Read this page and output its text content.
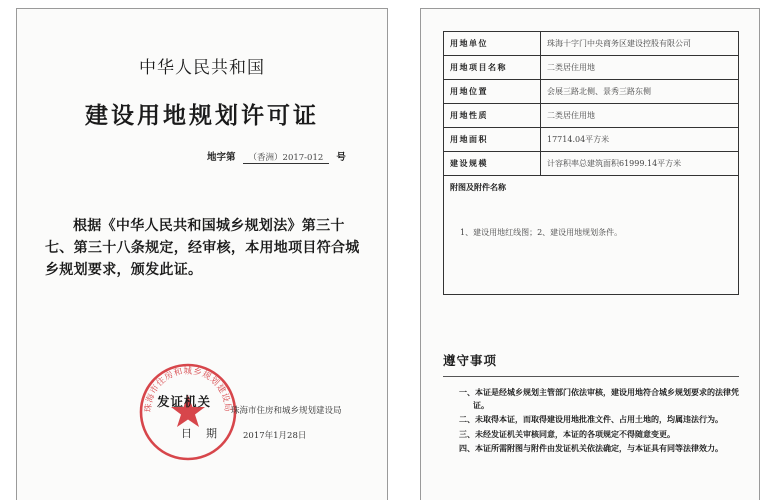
中华人民共和国
建设用地规划许可证
地字第 （香洲）2017-012 号
根据《中华人民共和国城乡规划法》第三十七、第三十八条规定，经审核，本用地项目符合城乡规划要求，颁发此证。
珠海市住房和城乡规划建设局
发证机关
珠海市住房和城乡规划建设局
日期 2017年1月28日
用地单位	珠海十字门中央商务区建设控股有限公司
用地项目名称	二类居住用地
用地位置	会展三路北侧、景秀三路东侧
用地性质	二类居住用地
用地面积	17714.04平方米
建设规模	计容积率总建筑面积61999.14平方米

附图及附件名称
1、建设用地红线图；2、建设用地规划条件。	
遵守事项
一、本证是经城乡规划主管部门依法审核，建设用地符合城乡规划要求的法律凭证。
二、未取得本证，而取得建设用地批准文件、占用土地的，均属违法行为。
三、未经发证机关审核同意，本证的各项规定不得随意变更。
四、本证所需附图与附件由发证机关依法确定，与本证具有同等法律效力。
